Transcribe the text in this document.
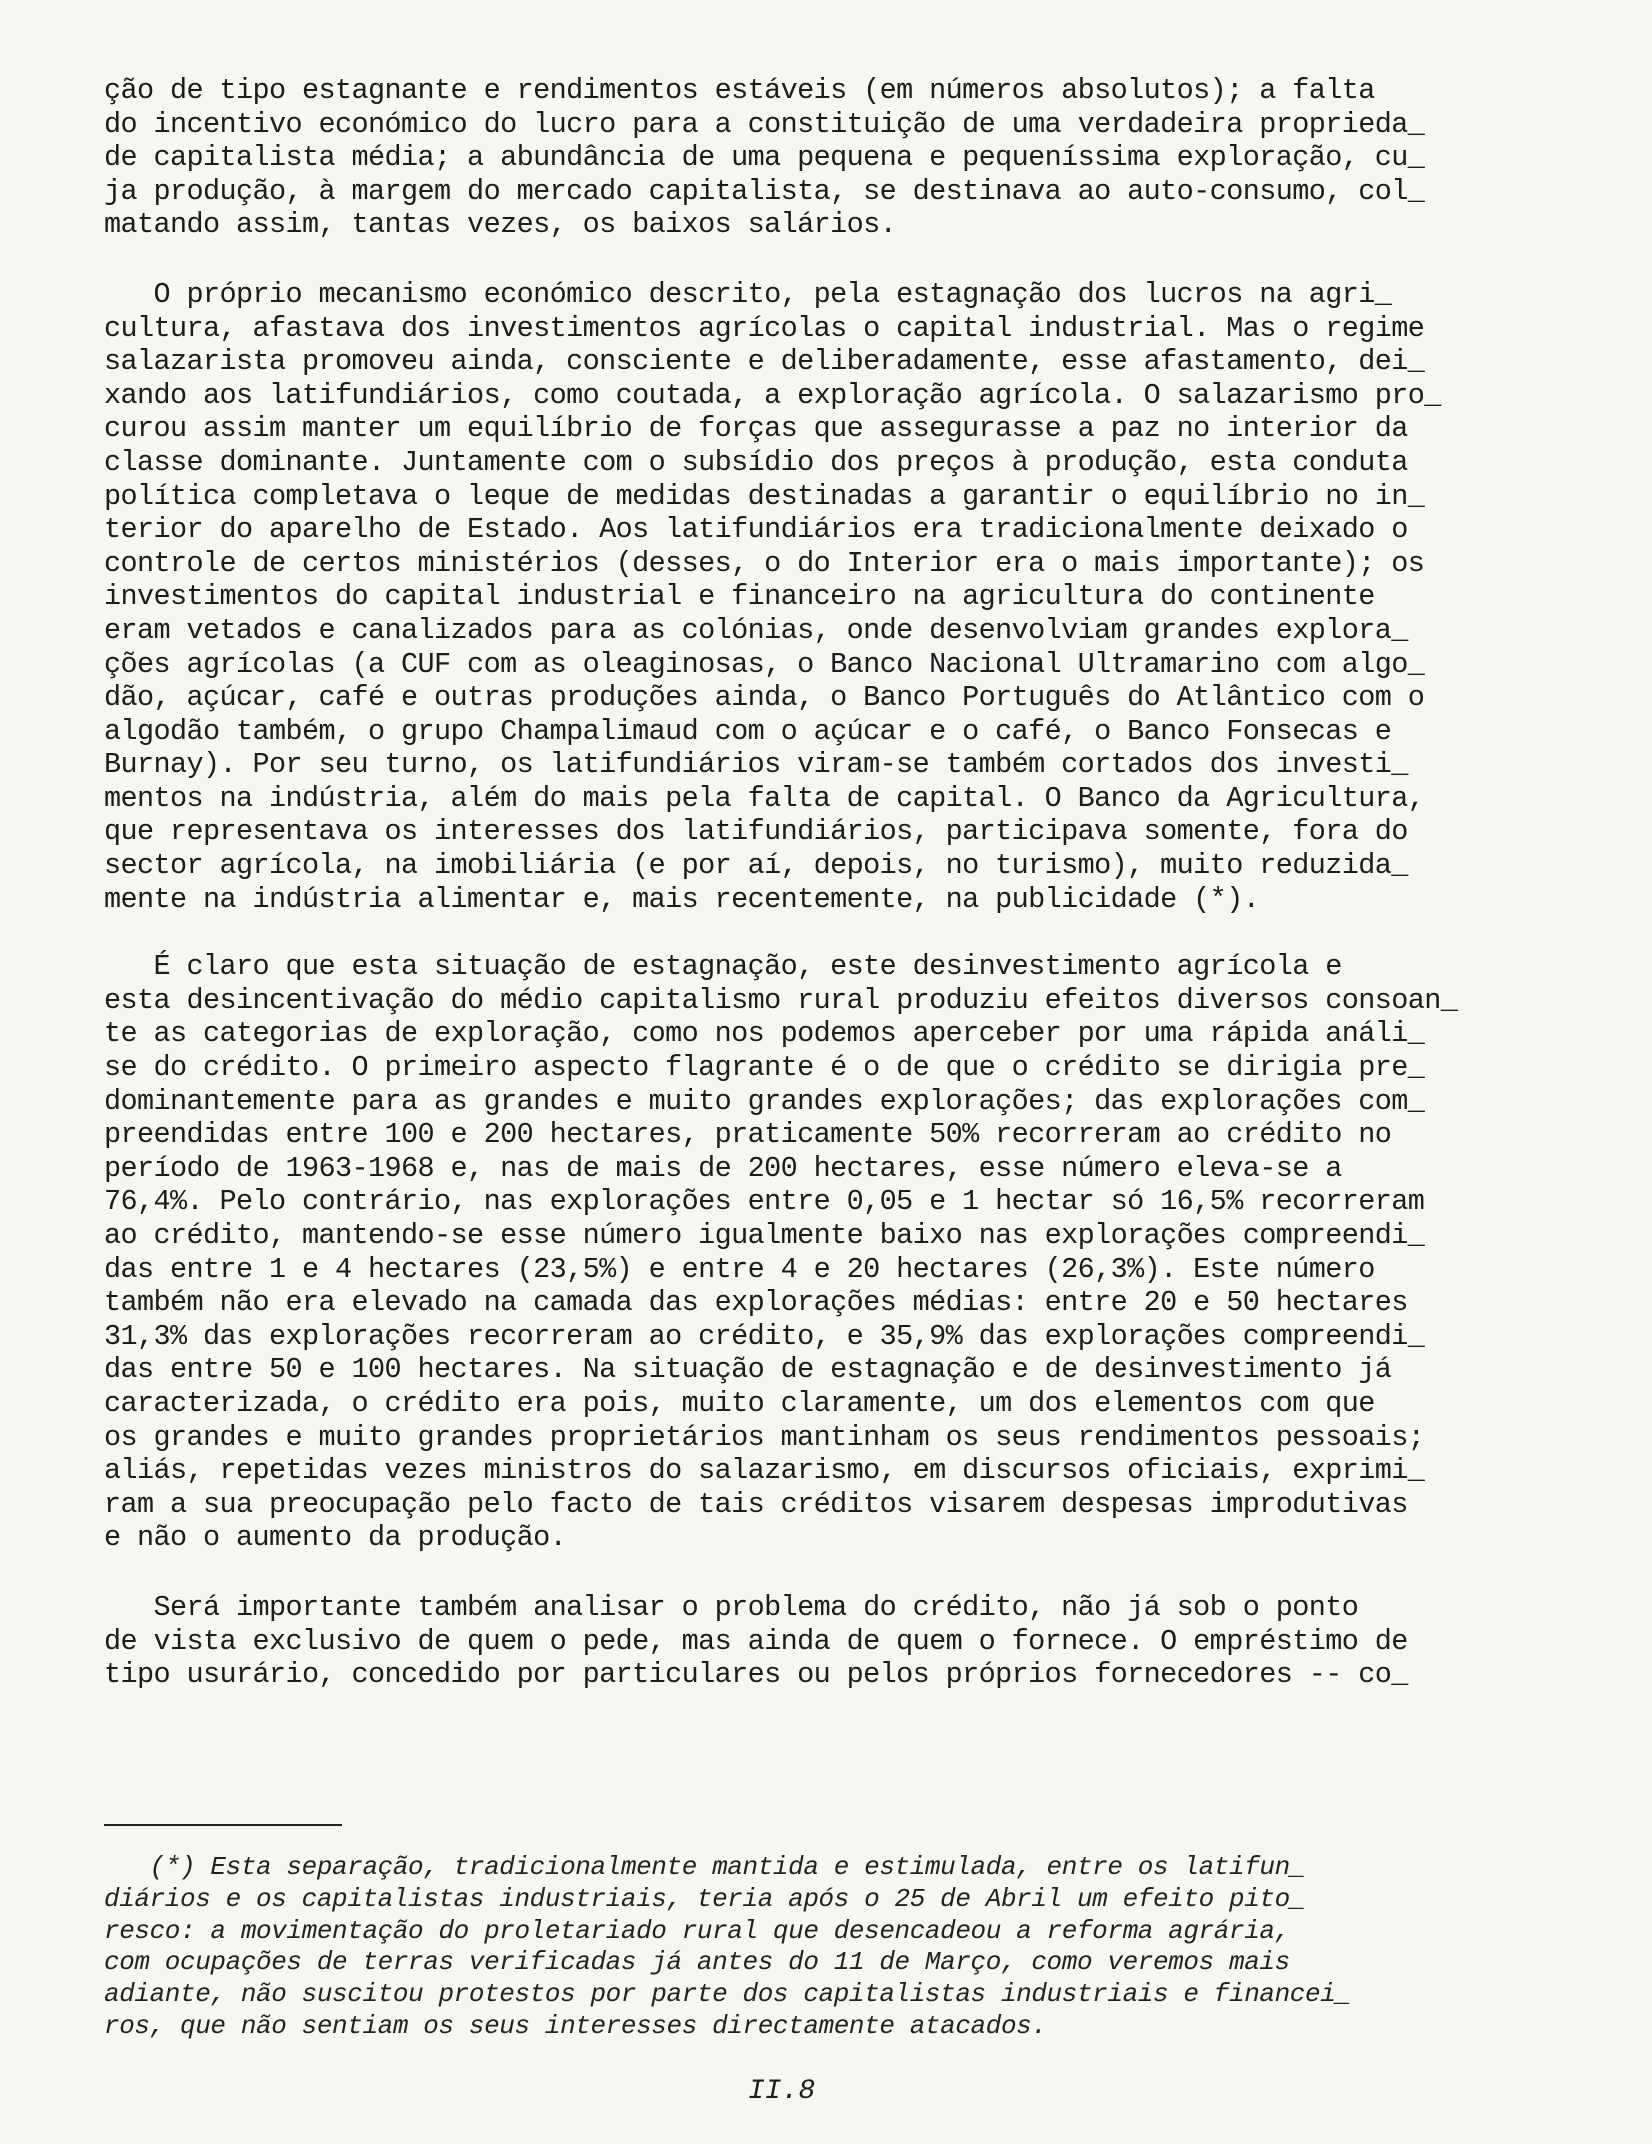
ção de tipo estagnante e rendimentos estáveis (em números absolutos); a falta
do incentivo económico do lucro para a constituição de uma verdadeira proprieda_
de capitalista média; a abundância de uma pequena e pequeníssima exploração, cu_
ja produção, à margem do mercado capitalista, se destinava ao auto-consumo, col_
matando assim, tantas vezes, os baixos salários.
O próprio mecanismo económico descrito, pela estagnação dos lucros na agri_
cultura, afastava dos investimentos agrícolas o capital industrial. Mas o regime
salazarista promoveu ainda, consciente e deliberadamente, esse afastamento, dei_
xando aos latifundiários, como coutada, a exploração agrícola. O salazarismo pro_
curou assim manter um equilíbrio de forças que assegurasse a paz no interior da
classe dominante. Juntamente com o subsídio dos preços à produção, esta conduta
política completava o leque de medidas destinadas a garantir o equilíbrio no in_
terior do aparelho de Estado. Aos latifundiários era tradicionalmente deixado o
controle de certos ministérios (desses, o do Interior era o mais importante); os
investimentos do capital industrial e financeiro na agricultura do continente
eram vetados e canalizados para as colónias, onde desenvolviam grandes explora_
ções agrícolas (a CUF com as oleaginosas, o Banco Nacional Ultramarino com algo_
dão, açúcar, café e outras produções ainda, o Banco Português do Atlântico com o
algodão também, o grupo Champalimaud com o açúcar e o café, o Banco Fonsecas e
Burnay). Por seu turno, os latifundiários viram-se também cortados dos investi_
mentos na indústria, além do mais pela falta de capital. O Banco da Agricultura,
que representava os interesses dos latifundiários, participava somente, fora do
sector agrícola, na imobiliária (e por aí, depois, no turismo), muito reduzida_
mente na indústria alimentar e, mais recentemente, na publicidade (*).
É claro que esta situação de estagnação, este desinvestimento agrícola e
esta desincentivação do médio capitalismo rural produziu efeitos diversos consoan_
te as categorias de exploração, como nos podemos aperceber por uma rápida análi_
se do crédito. O primeiro aspecto flagrante é o de que o crédito se dirigia pre_
dominantemente para as grandes e muito grandes explorações; das explorações com_
preendidas entre 100 e 200 hectares, praticamente 50% recorreram ao crédito no
período de 1963-1968 e, nas de mais de 200 hectares, esse número eleva-se a
76,4%. Pelo contrário, nas explorações entre 0,05 e 1 hectar só 16,5% recorreram
ao crédito, mantendo-se esse número igualmente baixo nas explorações compreendi_
das entre 1 e 4 hectares (23,5%) e entre 4 e 20 hectares (26,3%). Este número
também não era elevado na camada das explorações médias: entre 20 e 50 hectares
31,3% das explorações recorreram ao crédito, e 35,9% das explorações compreendi_
das entre 50 e 100 hectares. Na situação de estagnação e de desinvestimento já
caracterizada, o crédito era pois, muito claramente, um dos elementos com que
os grandes e muito grandes proprietários mantinham os seus rendimentos pessoais;
aliás, repetidas vezes ministros do salazarismo, em discursos oficiais, exprimi_
ram a sua preocupação pelo facto de tais créditos visarem despesas improdutivas
e não o aumento da produção.
Será importante também analisar o problema do crédito, não já sob o ponto
de vista exclusivo de quem o pede, mas ainda de quem o fornece. O empréstimo de
tipo usurário, concedido por particulares ou pelos próprios fornecedores -- co_
(*) Esta separação, tradicionalmente mantida e estimulada, entre os latifun_
diários e os capitalistas industriais, teria após o 25 de Abril um efeito pito_
resco: a movimentação do proletariado rural que desencadeou a reforma agrária,
com ocupações de terras verificadas já antes do 11 de Março, como veremos mais
adiante, não suscitou protestos por parte dos capitalistas industriais e financei_
ros, que não sentiam os seus interesses directamente atacados.
II.8
